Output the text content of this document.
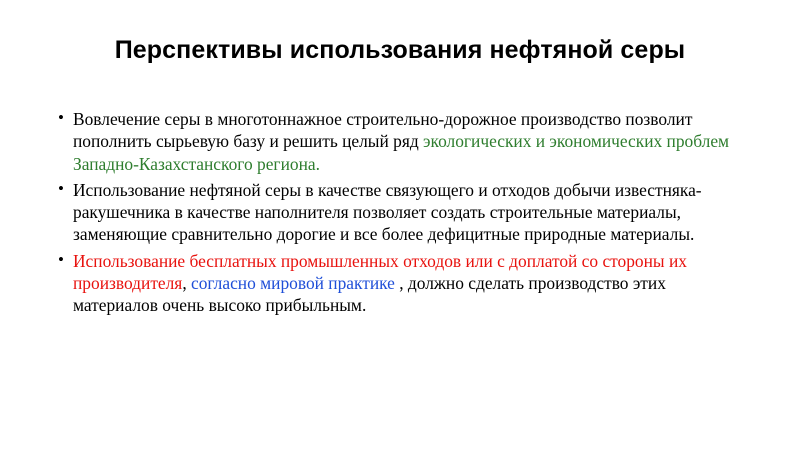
Перспективы использования нефтяной серы
• Вовлечение серы в многотоннажное строительно-дорожное производство позволит пополнить сырьевую базу и решить целый ряд экологических и экономических проблем Западно-Казахстанского региона.
• Использование нефтяной серы в качестве связующего и отходов добычи известняка-ракушечника в качестве наполнителя позволяет создать строительные материалы, заменяющие сравнительно дорогие и все более дефицитные природные материалы.
• Использование бесплатных промышленных отходов или с доплатой со стороны их производителя, согласно мировой практике , должно сделать производство этих материалов очень высоко прибыльным.
